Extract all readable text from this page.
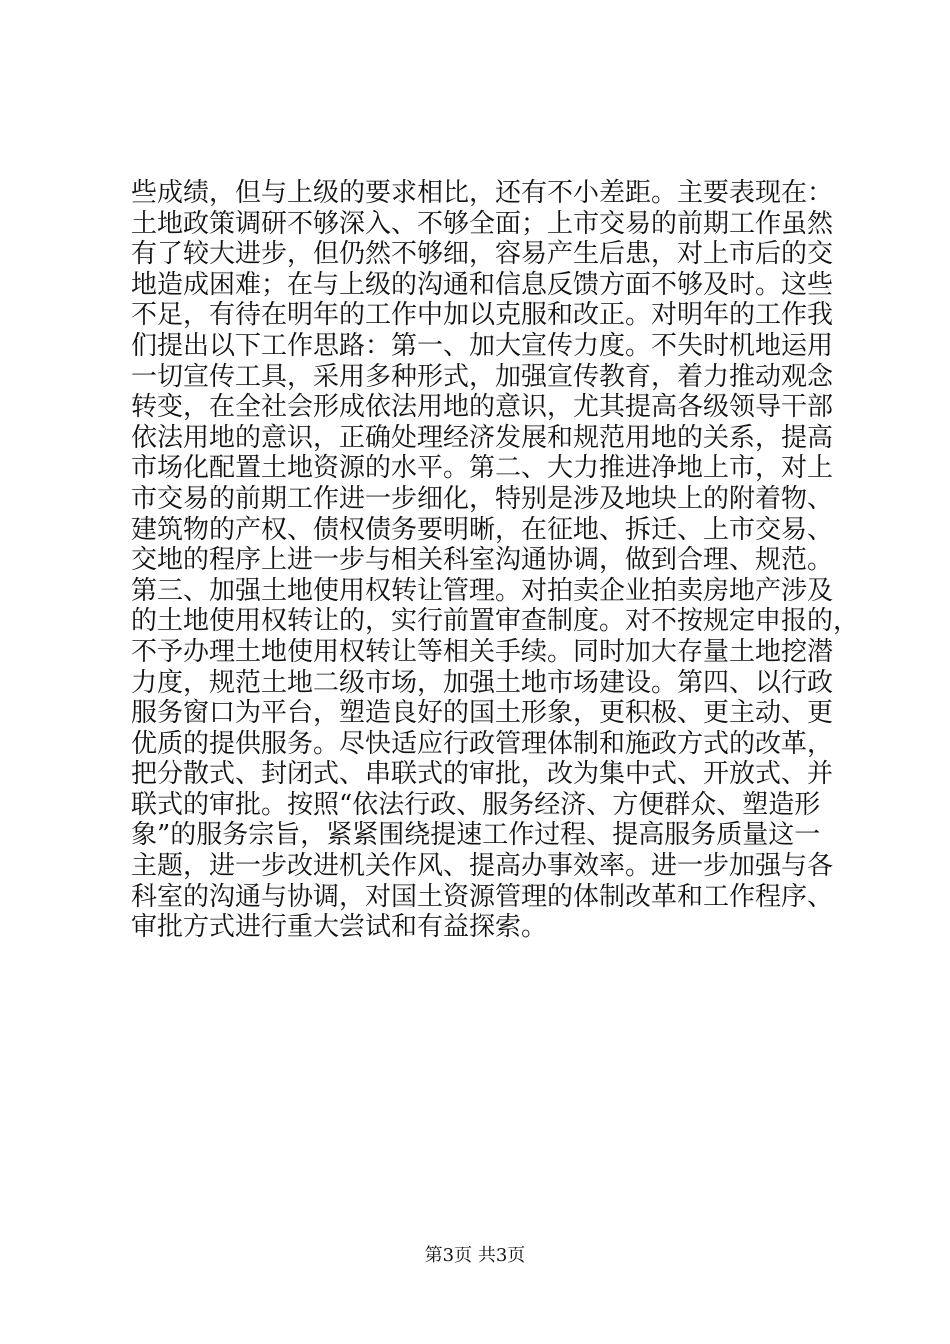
些成绩，但与上级的要求相比，还有不小差距。主要表现在：
土地政策调研不够深入、不够全面；上市交易的前期工作虽然
有了较大进步，但仍然不够细，容易产生后患，对上市后的交
地造成困难；在与上级的沟通和信息反馈方面不够及时。这些
不足，有待在明年的工作中加以克服和改正。对明年的工作我
们提出以下工作思路：第一、加大宣传力度。不失时机地运用
一切宣传工具，采用多种形式，加强宣传教育，着力推动观念
转变，在全社会形成依法用地的意识，尤其提高各级领导干部
依法用地的意识，正确处理经济发展和规范用地的关系，提高
市场化配置土地资源的水平。第二、大力推进净地上市，对上
市交易的前期工作进一步细化，特别是涉及地块上的附着物、
建筑物的产权、债权债务要明晰，在征地、拆迁、上市交易、
交地的程序上进一步与相关科室沟通协调，做到合理、规范。
第三、加强土地使用权转让管理。对拍卖企业拍卖房地产涉及
的土地使用权转让的，实行前置审查制度。对不按规定申报的，
不予办理土地使用权转让等相关手续。同时加大存量土地挖潜
力度，规范土地二级市场，加强土地市场建设。第四、以行政
服务窗口为平台，塑造良好的国土形象，更积极、更主动、更
优质的提供服务。尽快适应行政管理体制和施政方式的改革，
把分散式、封闭式、串联式的审批，改为集中式、开放式、并
联式的审批。按照“依法行政、服务经济、方便群众、塑造形
象”的服务宗旨，紧紧围绕提速工作过程、提高服务质量这一
主题，进一步改进机关作风、提高办事效率。进一步加强与各
科室的沟通与协调，对国土资源管理的体制改革和工作程序、
审批方式进行重大尝试和有益探索。
第3页 共3页
